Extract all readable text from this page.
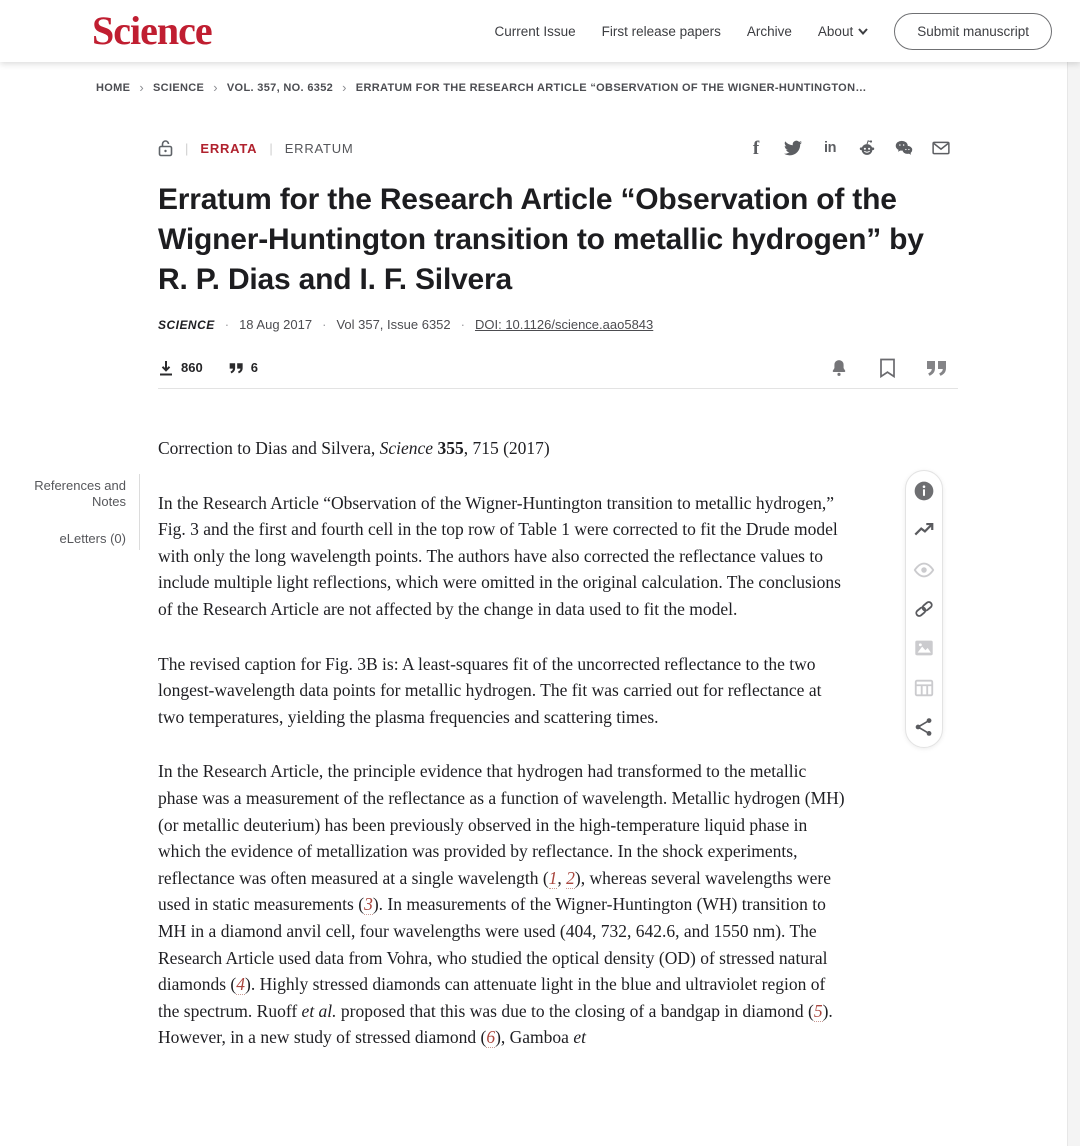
Science	Current Issue First release papers Archive About	Submit manuscript
HOME › SCIENCE › VOL. 357, NO. 6352 › ERRATUM FOR THE RESEARCH ARTICLE “OBSERVATION OF THE WIGNER-HUNTINGTON…
| ERRATA | ERRATUM	f	in
Erratum for the Research Article “Observation of the Wigner-Huntington transition to metallic hydrogen” by R. P. Dias and I. F. Silvera
SCIENCE · 18 Aug 2017 · Vol 357, Issue 6352 · DOI: 10.1126/science.aao5843
860	6

Correction to Dias and Silvera, Science 355, 715 (2017)

In the Research Article “Observation of the Wigner-Huntington transition to metallic hydrogen,” Fig. 3 and the first and fourth cell in the top row of Table 1 were corrected to fit the Drude model with only the long wavelength points. The authors have also corrected the reflectance values to include multiple light reflections, which were omitted in the original calculation. The conclusions of the Research Article are not affected by the change in data used to fit the model.

The revised caption for Fig. 3B is: A least-squares fit of the uncorrected reflectance to the two longest-wavelength data points for metallic hydrogen. The fit was carried out for reflectance at two temperatures, yielding the plasma frequencies and scattering times.

In the Research Article, the principle evidence that hydrogen had transformed to the metallic phase was a measurement of the reflectance as a function of wavelength. Metallic hydrogen (MH) (or metallic deuterium) has been previously observed in the high-temperature liquid phase in which the evidence of metallization was provided by reflectance. In the shock experiments, reflectance was often measured at a single wavelength (1, 2), whereas several wavelengths were used in static measurements (3). In measurements of the Wigner-Huntington (WH) transition to MH in a diamond anvil cell, four wavelengths were used (404, 732, 642.6, and 1550 nm). The Research Article used data from Vohra, who studied the optical density (OD) of stressed natural diamonds (4). Highly stressed diamonds can attenuate light in the blue and ultraviolet region of the spectrum. Ruoff et al. proposed that this was due to the closing of a bandgap in diamond (5). However, in a new study of stressed diamond (6), Gamboa et

References and Notes
eLetters (0)
